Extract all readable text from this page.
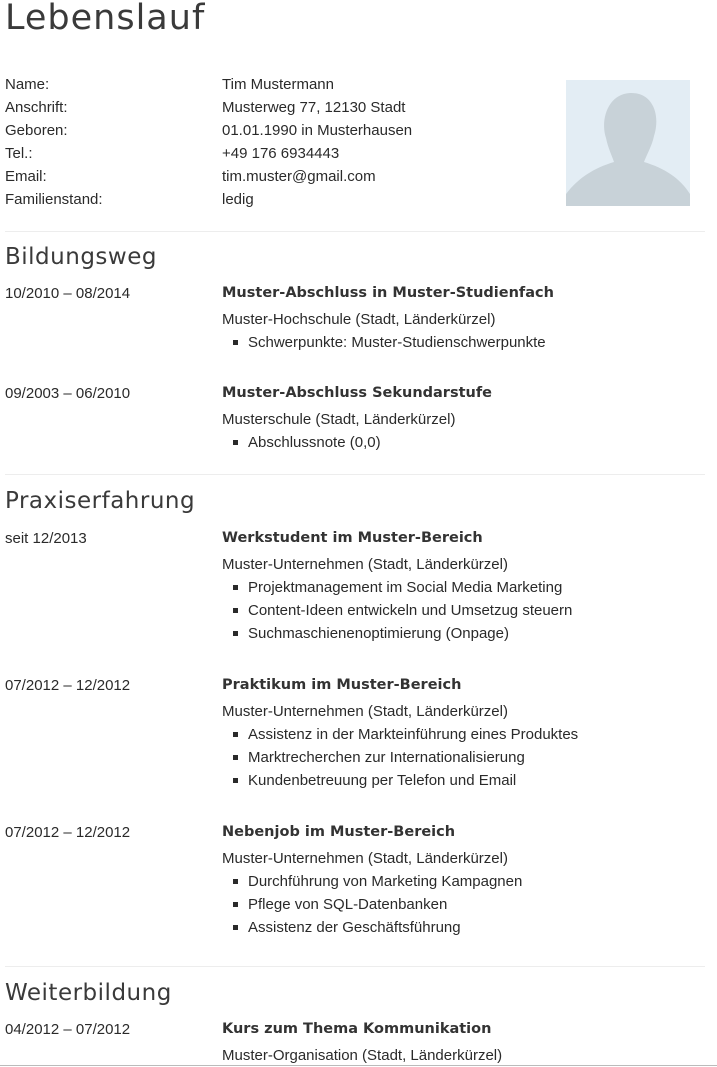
Lebenslauf
Name:	Tim Mustermann
Anschrift:	Musterweg 77, 12130 Stadt
Geboren:	01.01.1990 in Musterhausen
Tel.:	+49 176 6934443
Email:	tim.muster@gmail.com
Familienstand:	ledig
Bildungsweg
10/2010 – 08/2014	Muster-Abschluss in Muster-Studienfach
Muster-Hochschule (Stadt, Länderkürzel)
Schwerpunkte: Muster-Studienschwerpunkte
09/2003 – 06/2010	Muster-Abschluss Sekundarstufe
Musterschule (Stadt, Länderkürzel)
Abschlussnote (0,0)
Praxiserfahrung
seit 12/2013	Werkstudent im Muster-Bereich
Muster-Unternehmen (Stadt, Länderkürzel)
Projektmanagement im Social Media Marketing
Content-Ideen entwickeln und Umsetzug steuern
Suchmaschienenoptimierung (Onpage)
07/2012 – 12/2012	Praktikum im Muster-Bereich
Muster-Unternehmen (Stadt, Länderkürzel)
Assistenz in der Markteinführung eines Produktes
Marktrecherchen zur Internationalisierung
Kundenbetreuung per Telefon und Email
07/2012 – 12/2012	Nebenjob im Muster-Bereich
Muster-Unternehmen (Stadt, Länderkürzel)
Durchführung von Marketing Kampagnen
Pflege von SQL-Datenbanken
Assistenz der Geschäftsführung
Weiterbildung
04/2012 – 07/2012	Kurs zum Thema Kommunikation
Muster-Organisation (Stadt, Länderkürzel)
